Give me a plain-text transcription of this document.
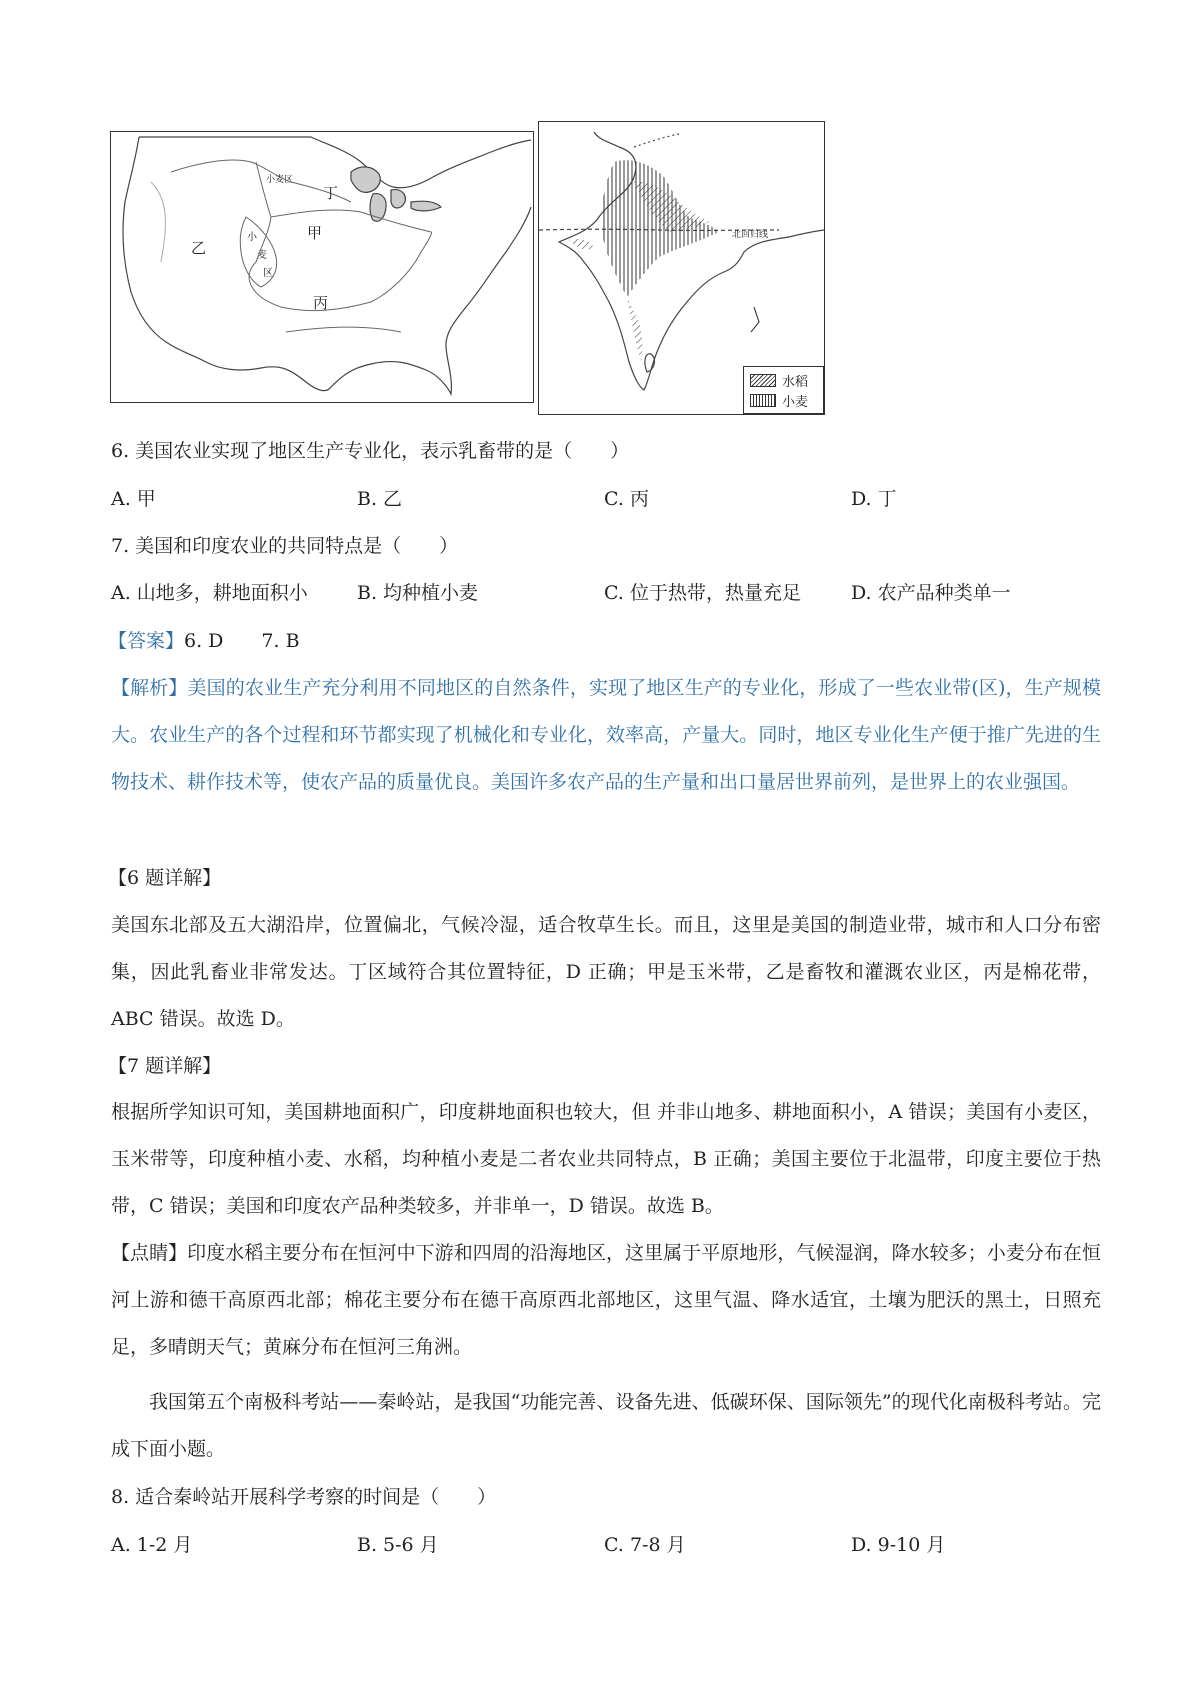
小麦区
丁
甲
乙
小
麦
区
丙
北回归线
水稻
小麦
6. 美国农业实现了地区生产专业化，表示乳畜带的是（　　）
A. 甲	B. 乙	C. 丙	D. 丁
7. 美国和印度农业的共同特点是（　　）
A. 山地多，耕地面积小	B. 均种植小麦	C. 位于热带，热量充足	D. 农产品种类单一
【答案】6. D　　7. B
【解析】美国的农业生产充分利用不同地区的自然条件，实现了地区生产的专业化，形成了一些农业带(区)，生产规模大。农业生产的各个过程和环节都实现了机械化和专业化，效率高，产量大。同时，地区专业化生产便于推广先进的生物技术、耕作技术等，使农产品的质量优良。美国许多农产品的生产量和出口量居世界前列，是世界上的农业强国。
【6 题详解】
美国东北部及五大湖沿岸，位置偏北，气候冷湿，适合牧草生长。而且，这里是美国的制造业带，城市和人口分布密集，因此乳畜业非常发达。丁区域符合其位置特征，D 正确；甲是玉米带，乙是畜牧和灌溉农业区，丙是棉花带，ABC 错误。故选 D。
【7 题详解】
根据所学知识可知，美国耕地面积广，印度耕地面积也较大，但 并非山地多、耕地面积小，A 错误；美国有小麦区，玉米带等，印度种植小麦、水稻，均种植小麦是二者农业共同特点，B 正确；美国主要位于北温带，印度主要位于热带，C 错误；美国和印度农产品种类较多，并非单一，D 错误。故选 B。
【点睛】印度水稻主要分布在恒河中下游和四周的沿海地区，这里属于平原地形，气候湿润，降水较多；小麦分布在恒河上游和德干高原西北部；棉花主要分布在德干高原西北部地区，这里气温、降水适宜，土壤为肥沃的黑土，日照充足，多晴朗天气；黄麻分布在恒河三角洲。
我国第五个南极科考站——秦岭站，是我国“功能完善、设备先进、低碳环保、国际领先”的现代化南极科考站。完成下面小题。
8. 适合秦岭站开展科学考察的时间是（　　）
A. 1-2 月	B. 5-6 月	C. 7-8 月	D. 9-10 月
